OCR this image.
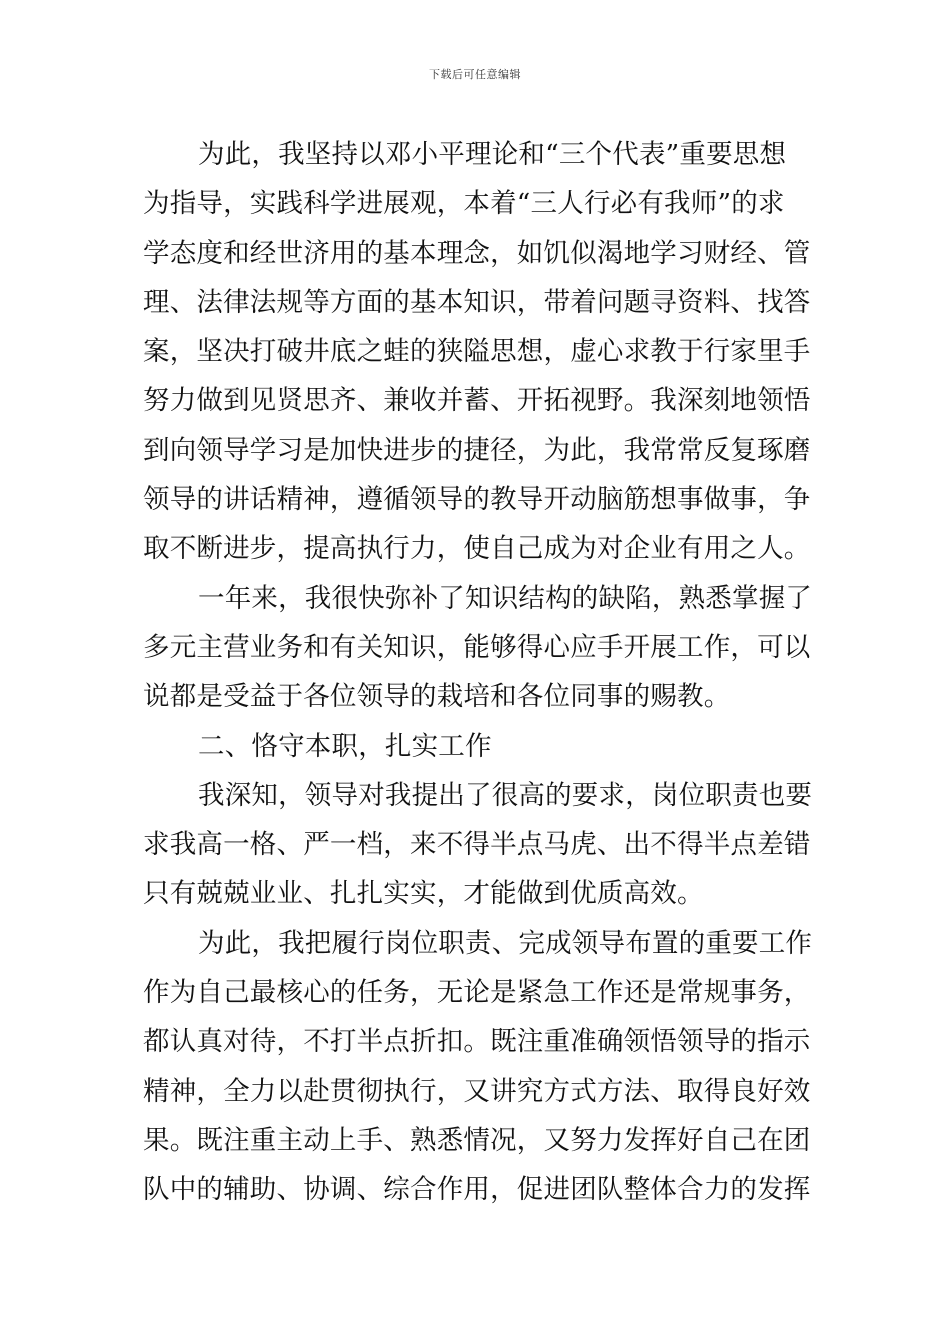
下载后可任意编辑
为此，我坚持以邓小平理论和“三个代表”重要思想
为指导，实践科学进展观，本着“三人行必有我师”的求
学态度和经世济用的基本理念，如饥似渴地学习财经、管
理、法律法规等方面的基本知识，带着问题寻资料、找答
案，坚决打破井底之蛙的狭隘思想，虚心求教于行家里手
努力做到见贤思齐、兼收并蓄、开拓视野。我深刻地领悟
到向领导学习是加快进步的捷径，为此，我常常反复琢磨
领导的讲话精神，遵循领导的教导开动脑筋想事做事，争
取不断进步，提高执行力，使自己成为对企业有用之人。
一年来，我很快弥补了知识结构的缺陷，熟悉掌握了
多元主营业务和有关知识，能够得心应手开展工作，可以
说都是受益于各位领导的栽培和各位同事的赐教。
二、恪守本职，扎实工作
我深知，领导对我提出了很高的要求，岗位职责也要
求我高一格、严一档，来不得半点马虎、出不得半点差错
只有兢兢业业、扎扎实实，才能做到优质高效。
为此，我把履行岗位职责、完成领导布置的重要工作
作为自己最核心的任务，无论是紧急工作还是常规事务，
都认真对待，不打半点折扣。既注重准确领悟领导的指示
精神，全力以赴贯彻执行，又讲究方式方法、取得良好效
果。既注重主动上手、熟悉情况，又努力发挥好自己在团
队中的辅助、协调、综合作用，促进团队整体合力的发挥
